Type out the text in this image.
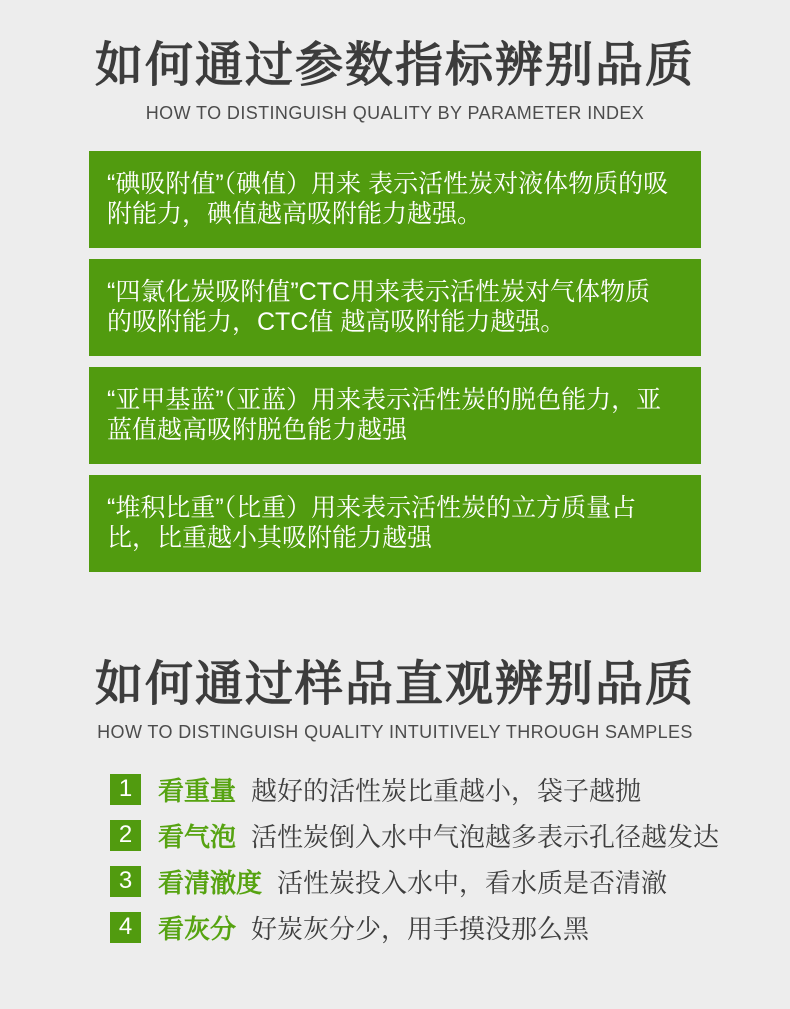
如何通过参数指标辨别品质
HOW TO DISTINGUISH QUALITY BY PARAMETER INDEX

“碘吸附值”（碘值）用来 表示活性炭对液体物质的吸附能力，碘值越高吸附能力越强。

“四氯化炭吸附值”CTC用来表示活性炭对气体物质的吸附能力，CTC值 越高吸附能力越强。

“亚甲基蓝”（亚蓝）用来表示活性炭的脱色能力，亚蓝值越高吸附脱色能力越强

“堆积比重”（比重）用来表示活性炭的立方质量占比，比重越小其吸附能力越强

如何通过样品直观辨别品质
HOW TO DISTINGUISH QUALITY INTUITIVELY THROUGH SAMPLES
1 看重量 越好的活性炭比重越小，袋子越抛
2 看气泡 活性炭倒入水中气泡越多表示孔径越发达
3 看清澈度 活性炭投入水中，看水质是否清澈
4 看灰分 好炭灰分少，用手摸没那么黑
